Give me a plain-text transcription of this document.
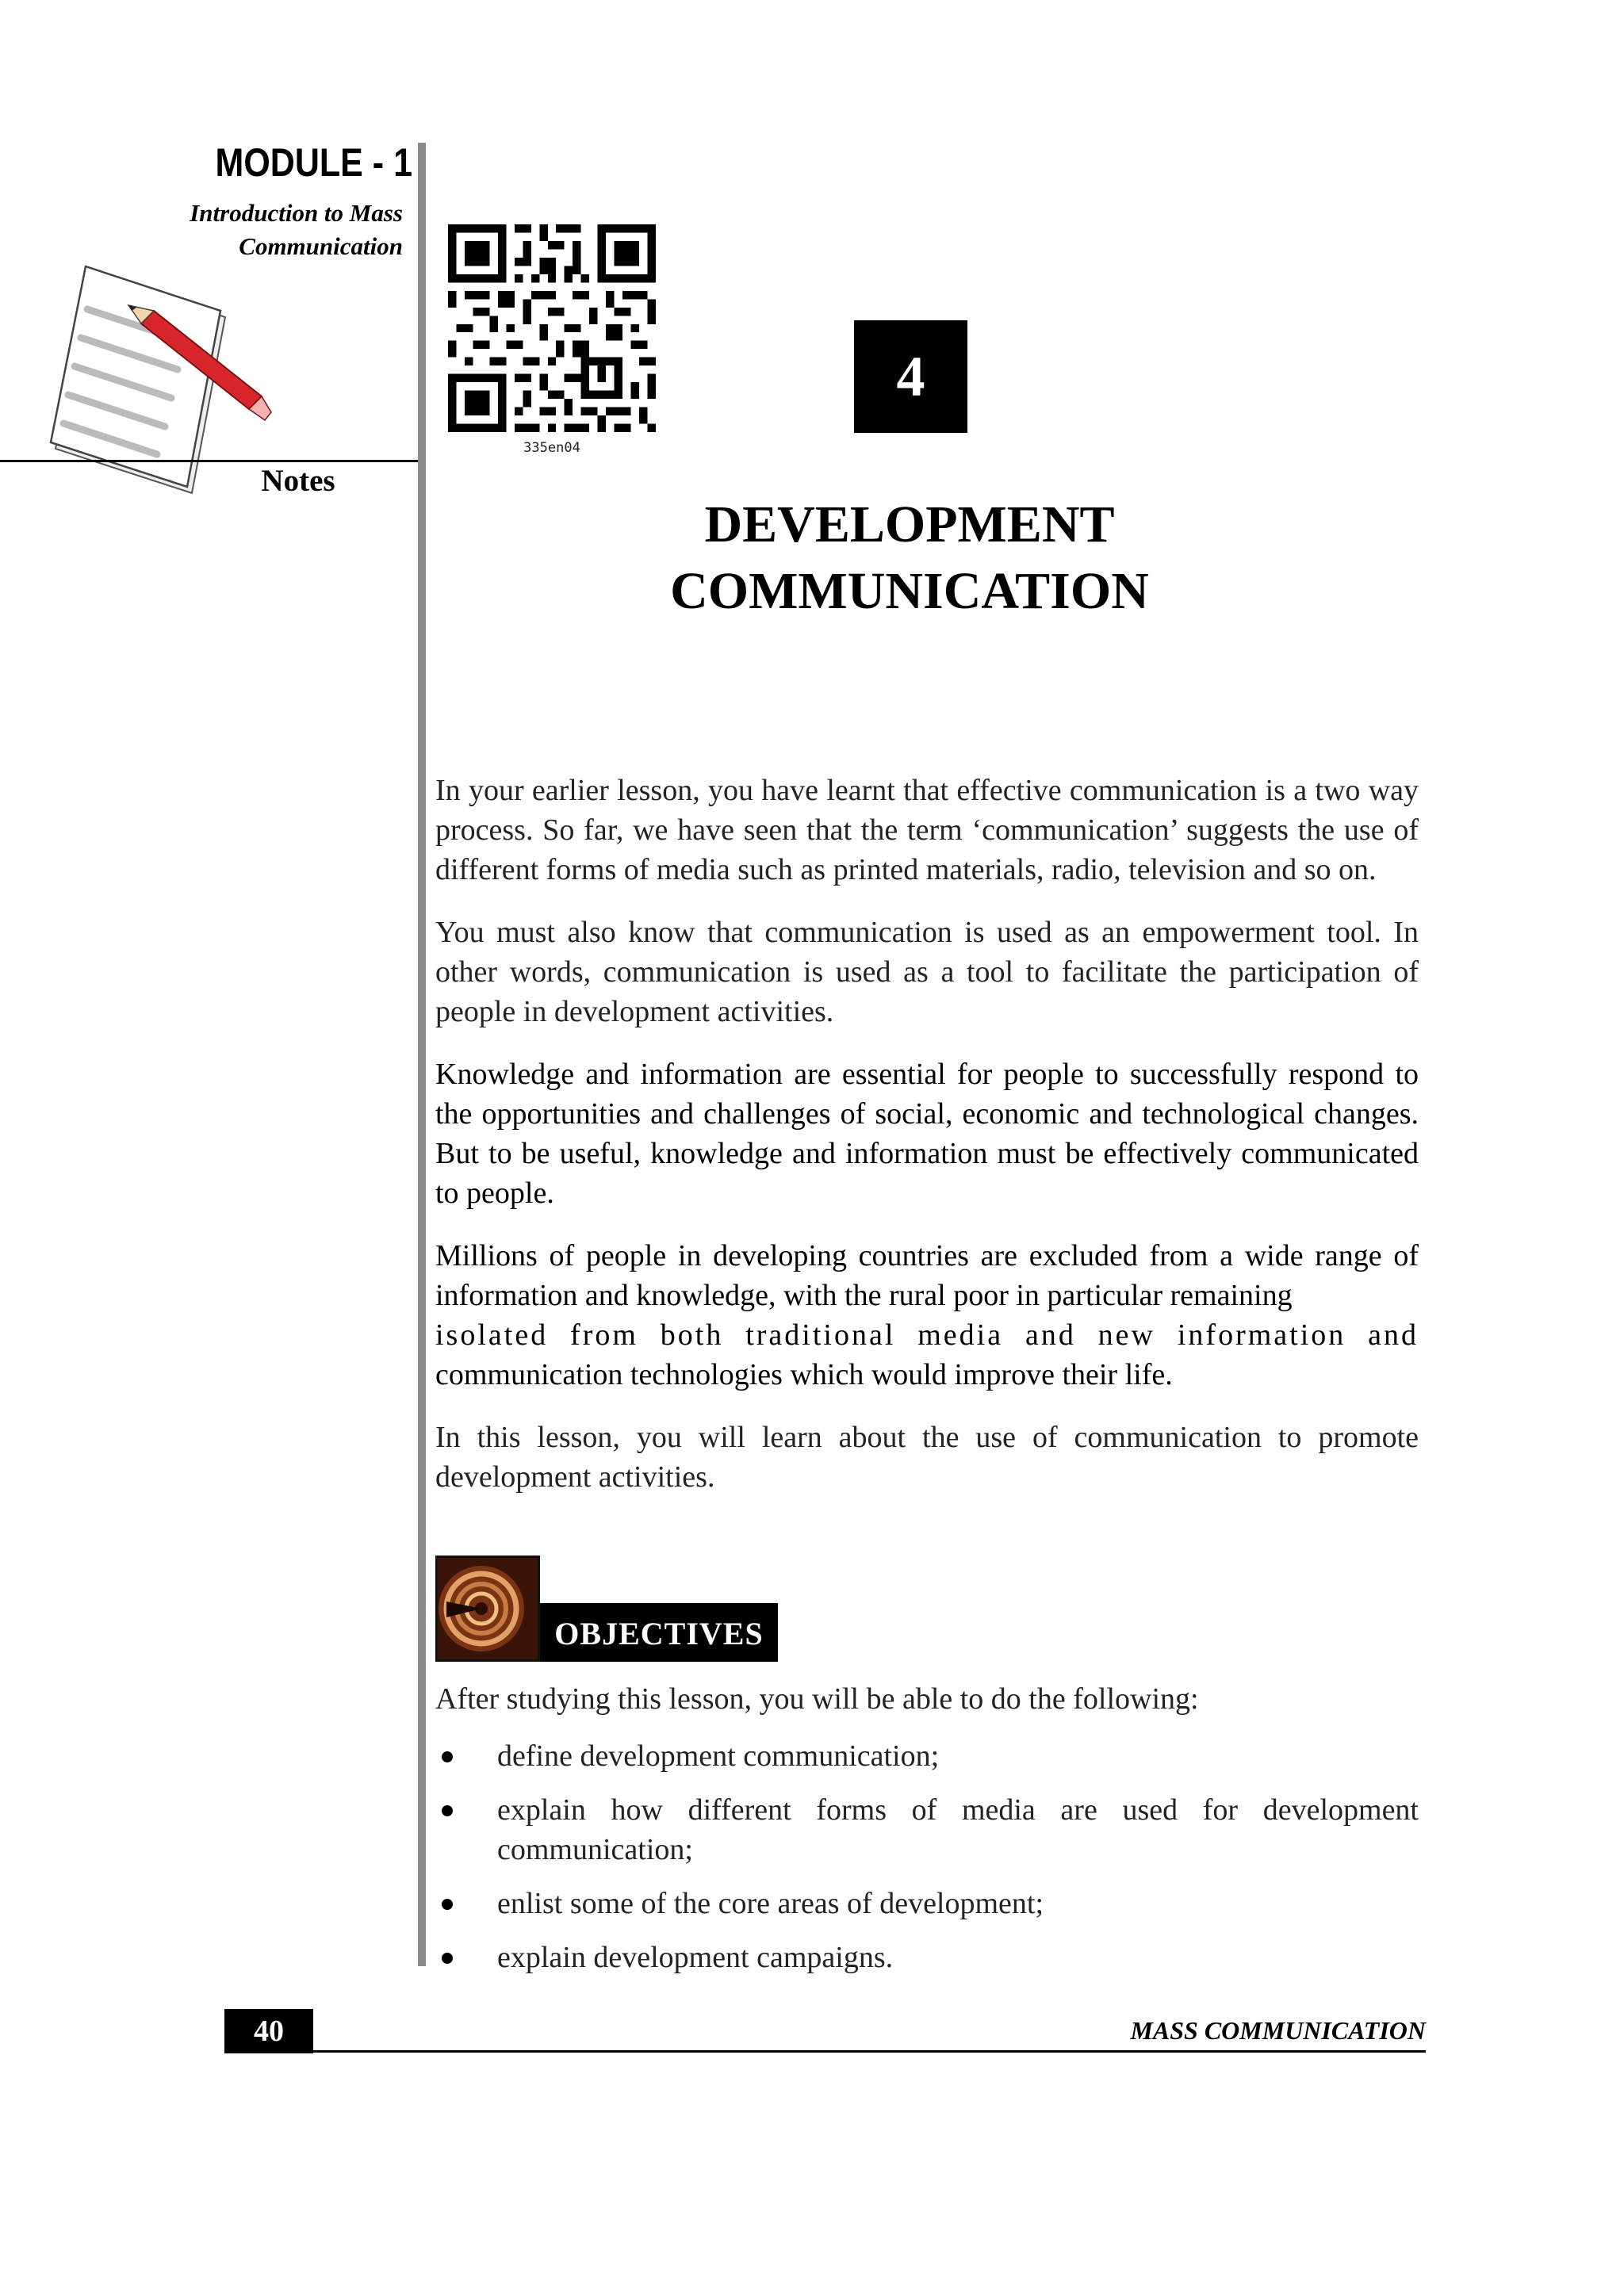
MODULE - 1
Introduction to Mass
Communication
Notes
335en04
4
DEVELOPMENT
COMMUNICATION

In your earlier lesson, you have learnt that effective communication is a two way process. So far, we have seen that the term ‘communication’ suggests the use of different forms of media such as printed materials, radio, television and so on.

You must also know that communication is used as an empowerment tool. In other words, communication is used as a tool to facilitate the participation of people in development activities.

Knowledge and information are essential for people to successfully respond to the opportunities and challenges of social, economic and technological changes. But to be useful, knowledge and information must be effectively communicated to people.

Millions of people in developing countries are excluded from a wide range of information and knowledge, with the rural poor in particular remaining
isolated from both traditional media and new information and
communication technologies which would improve their life.

In this lesson, you will learn about the use of communication to promote development activities.

OBJECTIVES
After studying this lesson, you will be able to do the following:
define development communication;
explain how different forms of media are used for development communication;
enlist some of the core areas of development;
explain development campaigns.
40	MASS COMMUNICATION
